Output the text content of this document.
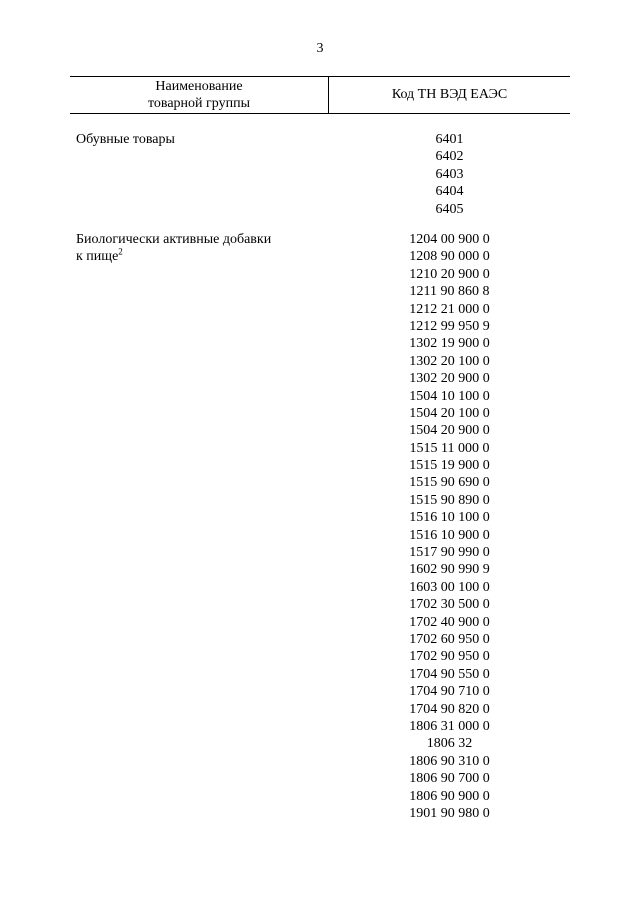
3
Наименование
товарной группы
Код ТН ВЭД ЕАЭС
Обувные товары	6401
6402
6403
6404
6405
Биологически активные добавки
к пище$^2$
1204 00 900 0
1208 90 000 0
1210 20 900 0
1211 90 860 8
1212 21 000 0
1212 99 950 9
1302 19 900 0
1302 20 100 0
1302 20 900 0
1504 10 100 0
1504 20 100 0
1504 20 900 0
1515 11 000 0
1515 19 900 0
1515 90 690 0
1515 90 890 0
1516 10 100 0
1516 10 900 0
1517 90 990 0
1602 90 990 9
1603 00 100 0
1702 30 500 0
1702 40 900 0
1702 60 950 0
1702 90 950 0
1704 90 550 0
1704 90 710 0
1704 90 820 0
1806 31 000 0
1806 32
1806 90 310 0
1806 90 700 0
1806 90 900 0
1901 90 980 0
